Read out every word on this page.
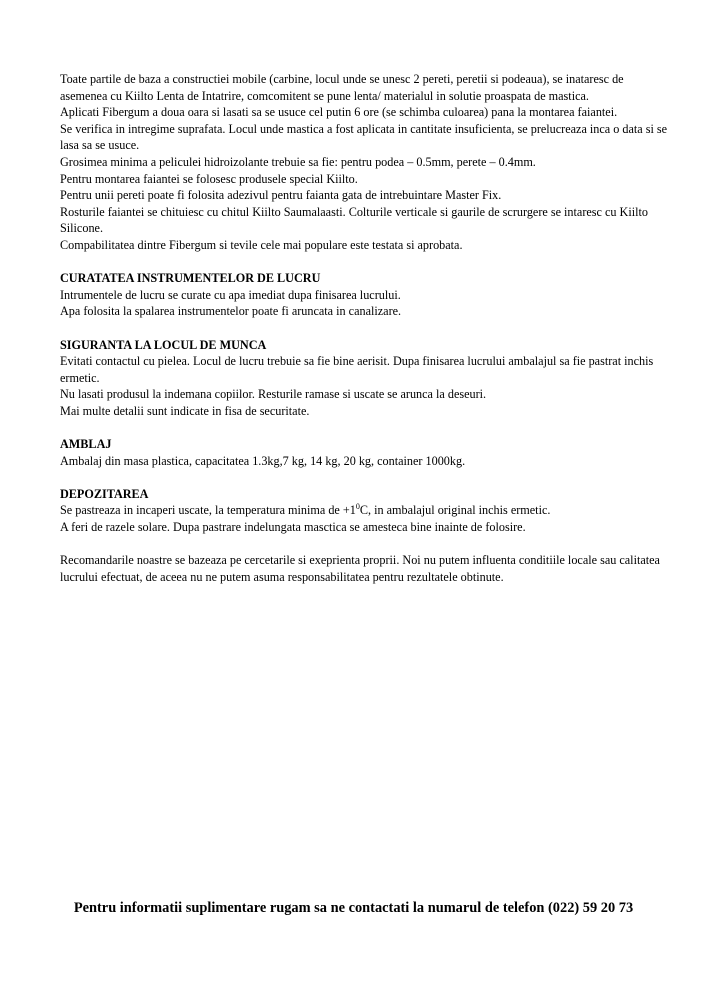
Toate partile de baza a constructiei mobile (carbine, locul unde se unesc 2 pereti, peretii si podeaua), se inataresc de asemenea cu Kiilto Lenta de Intatrire, comcomitent se pune lenta/ materialul in solutie proaspata de mastica.

Aplicati Fibergum a doua oara si lasati sa se usuce cel putin 6 ore (se schimba culoarea) pana la montarea faiantei.

Se verifica in intregime suprafata. Locul unde mastica a fost aplicata in cantitate insuficienta, se prelucreaza inca o data si se lasa sa se usuce.

Grosimea minima a peliculei hidroizolante trebuie sa fie: pentru podea – 0.5mm, perete – 0.4mm.

Pentru montarea faiantei se folosesc produsele special Kiilto.

Pentru unii pereti poate fi folosita adezivul pentru faianta gata de intrebuintare Master Fix.

Rosturile faiantei se chituiesc cu chitul Kiilto Saumalaasti. Colturile verticale si gaurile de scrurgere se intaresc cu Kiilto Silicone.

Compabilitatea dintre Fibergum si tevile cele mai populare este testata si aprobata.

CURATATEA INSTRUMENTELOR DE LUCRU

Intrumentele de lucru se curate cu apa imediat dupa finisarea lucrului.

Apa folosita la spalarea instrumentelor poate fi aruncata in canalizare.

SIGURANTA LA LOCUL DE MUNCA

Evitati contactul cu pielea. Locul de lucru trebuie sa fie bine aerisit. Dupa finisarea lucrului ambalajul sa fie pastrat inchis ermetic.

Nu lasati produsul la indemana copiilor. Resturile ramase si uscate se arunca la deseuri.

Mai multe detalii sunt indicate in fisa de securitate.

AMBLAJ

Ambalaj din masa plastica, capacitatea 1.3kg,7 kg, 14 kg, 20 kg, container 1000kg.

DEPOZITAREA

Se pastreaza in incaperi uscate, la temperatura minima de $+1^0C$, in ambalajul original inchis ermetic.

A feri de razele solare. Dupa pastrare indelungata masctica se amesteca bine inainte de folosire.

Recomandarile noastre se bazeaza pe cercetarile si exeprienta proprii. Noi nu putem influenta conditiile locale sau calitatea lucrului efectuat, de aceea nu ne putem asuma responsabilitatea pentru rezultatele obtinute.

Pentru informatii suplimentare rugam sa ne contactati la numarul de telefon (022) 59 20 73
